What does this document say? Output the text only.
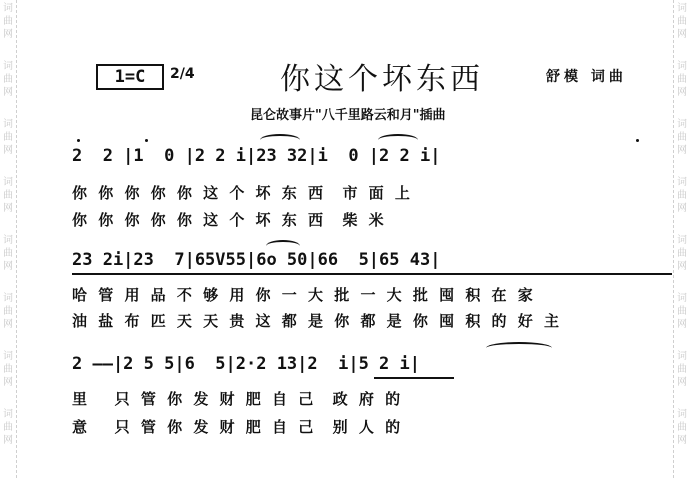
词曲网
词曲网
词曲网
词曲网
词曲网
词曲网
词曲网
词曲网
词曲网
词曲网
词曲网
词曲网
词曲网
词曲网
词曲网
词曲网
1=C	2/4	你这个坏东西	舒模 词曲
昆仑故事片"八千里路云和月"插曲
2  2 |1  0 |2 2 i|23 32|i  0 |2 2 i|
你 你 你 你 你 这 个 坏 东 西  市 面 上
你 你 你 你 你 这 个 坏 东 西  柴 米
23 2i|23  7|65V55|6o 50|66  5|65 43|
哈 管 用 品 不 够 用 你 一 大 批 一 大 批 囤 积 在 家
油 盐 布 匹 天 天 贵 这 都 是 你 都 是 你 囤 积 的 好 主
2 ——|2 5 5|6  5|2·2 13|2  i|5 2 i|
里   只 管 你 发 财 肥 自 己  政 府 的
意   只 管 你 发 财 肥 自 己  别 人 的
